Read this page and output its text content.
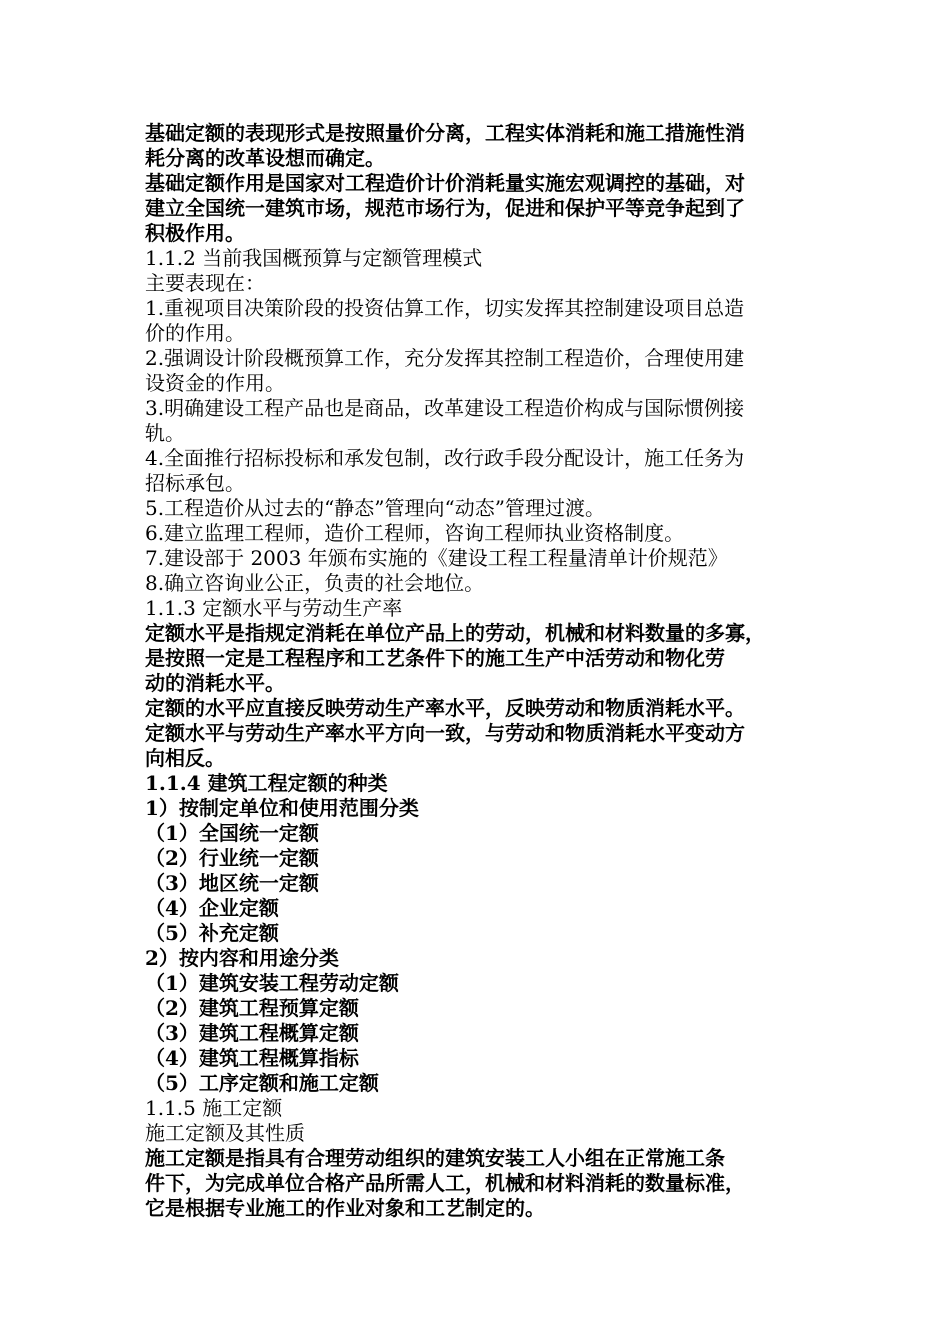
基础定额的表现形式是按照量价分离，工程实体消耗和施工措施性消
耗分离的改革设想而确定。
基础定额作用是国家对工程造价计价消耗量实施宏观调控的基础，对
建立全国统一建筑市场，规范市场行为，促进和保护平等竞争起到了
积极作用。
1.1.2 当前我国概预算与定额管理模式
主要表现在：
1.重视项目决策阶段的投资估算工作，切实发挥其控制建设项目总造
价的作用。
2.强调设计阶段概预算工作，充分发挥其控制工程造价，合理使用建
设资金的作用。
3.明确建设工程产品也是商品，改革建设工程造价构成与国际惯例接
轨。
4.全面推行招标投标和承发包制，改行政手段分配设计，施工任务为
招标承包。
5.工程造价从过去的“静态”管理向“动态”管理过渡。
6.建立监理工程师，造价工程师，咨询工程师执业资格制度。
7.建设部于 2003 年颁布实施的《建设工程工程量清单计价规范》
8.确立咨询业公正，负责的社会地位。
1.1.3 定额水平与劳动生产率
定额水平是指规定消耗在单位产品上的劳动，机械和材料数量的多寡，
是按照一定是工程程序和工艺条件下的施工生产中活劳动和物化劳
动的消耗水平。
定额的水平应直接反映劳动生产率水平，反映劳动和物质消耗水平。
定额水平与劳动生产率水平方向一致，与劳动和物质消耗水平变动方
向相反。
1.1.4 建筑工程定额的种类
1）按制定单位和使用范围分类
（1）全国统一定额
（2）行业统一定额
（3）地区统一定额
（4）企业定额
（5）补充定额
2）按内容和用途分类
（1）建筑安装工程劳动定额
（2）建筑工程预算定额
（3）建筑工程概算定额
（4）建筑工程概算指标
（5）工序定额和施工定额
1.1.5 施工定额
施工定额及其性质
施工定额是指具有合理劳动组织的建筑安装工人小组在正常施工条
件下，为完成单位合格产品所需人工，机械和材料消耗的数量标准，
它是根据专业施工的作业对象和工艺制定的。
